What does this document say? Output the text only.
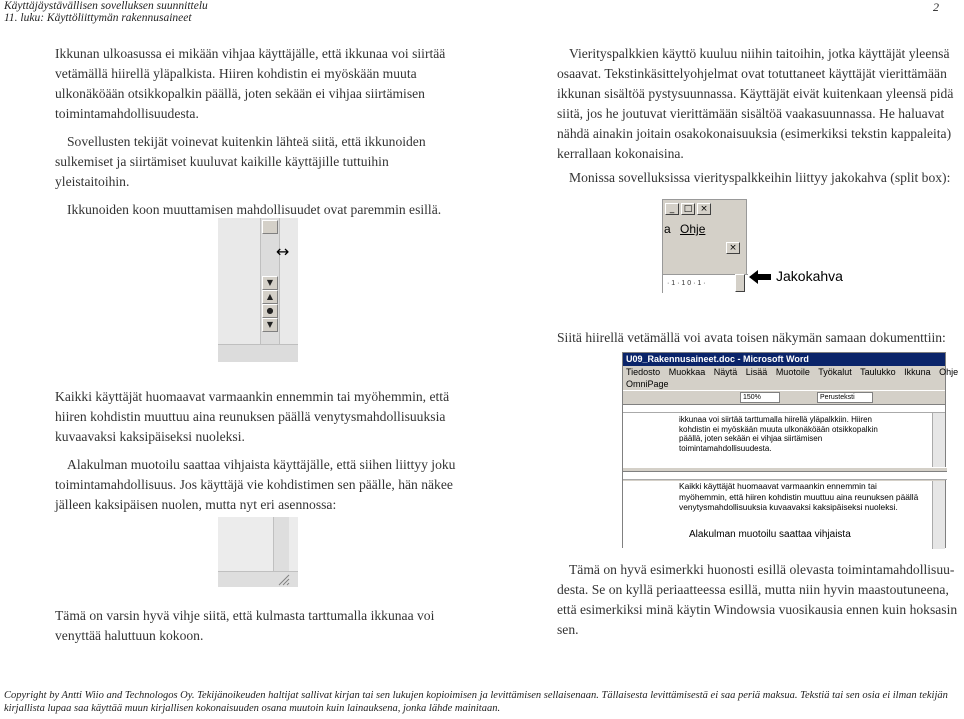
Käyttäjäystävällisen sovelluksen suunnittelu
11. luku: Käyttöliittymän rakennusaineet
2

Ikkunan ulkoasussa ei mikään vihjaa käyttäjälle, että ikkunaa voi siirtää vetämällä hiirellä yläpalkista. Hiiren kohdistin ei myöskään muuta ulkonäköään otsikkopalkin päällä, joten sekään ei vihjaa siirtämisen toimintamahdollisuudesta.

Sovellusten tekijät voinevat kuitenkin lähteä siitä, että ikkunoiden sulkemiset ja siirtämiset kuuluvat kaikille käyttäjille tuttuihin yleistaitoihin.

Ikkunoiden koon muuttamisen mahdollisuudet ovat paremmin esillä.

▼
▲
●
▼
↔

Kaikki käyttäjät huomaavat varmaankin ennemmin tai myöhemmin, että hiiren kohdistin muuttuu aina reunuksen päällä venytysmahdollisuuksia kuvaavaksi kaksipäiseksi nuoleksi.

Alakulman muotoilu saattaa vihjaista käyttäjälle, että siihen liittyy joku toimintamahdollisuus. Jos käyttäjä vie kohdistimen sen päälle, hän näkee jälleen kaksipäisen nuolen, mutta nyt eri asennossa:

Tämä on varsin hyvä vihje siitä, että kulmasta tarttumalla ikkunaa voi venyttää haluttuun kokoon.

Vierityspalkkien käyttö kuuluu niihin taitoihin, jotka käyttäjät yleensä osaavat. Tekstinkäsittelyohjelmat ovat totuttaneet käyttäjät vierittämään ikkunan sisältöä pystysuunnassa. Käyttäjät eivät kuitenkaan yleensä pidä siitä, jos he joutuvat vierittämään sisältöä vaakasuunnassa. He haluavat nähdä ainakin joitain osakokonaisuuksia (esimerkiksi tekstin kappaleita) kerrallaan kokonaisina.

Monissa sovelluksissa vierityspalkkeihin liittyy jakokahva (split box):

_	□ ×
a Ohje
×
· 1 · 1 0 · 1 ·	Jakokahva
Siitä hiirellä vetämällä voi avata toisen näkymän samaan dokumenttiin:
U09_Rakennusaineet.doc - Microsoft Word
Tiedosto Muokkaa Näytä Lisää Muotoile Työkalut Taulukko Ikkuna Ohje
OmniPage
150%	Perusteksti
ikkunaa voi siirtää tarttumalla hiirellä yläpalkkiin. Hiiren kohdistin ei myöskään muuta ulkonäköään otsikkopalkin päällä, joten sekään ei vihjaa siirtämisen toimintamahdollisuudesta.
Kaikki käyttäjät huomaavat varmaankin ennemmin tai myöhemmin, että hiiren kohdistin muuttuu aina reunuksen päällä venytysmahdollisuuksia kuvaavaksi kaksipäiseksi nuoleksi.
Alakulman muotoilu saattaa vihjaista

Tämä on hyvä esimerkki huonosti esillä olevasta toimintamahdollisuu-desta. Se on kyllä periaatteessa esillä, mutta niin hyvin maastoutuneena, että esimerkiksi minä käytin Windowsia vuosikausia ennen kuin hoksasin sen.

Copyright by Antti Wiio and Technologos Oy. Tekijänoikeuden haltijat sallivat kirjan tai sen lukujen kopioimisen ja levittämisen sellaisenaan. Tällaisesta levittämisestä ei saa periä maksua. Tekstiä tai sen osia ei ilman tekijän kirjallista lupaa saa käyttää muun kirjallisen kokonaisuuden osana muutoin kuin lainauksena, jonka lähde mainitaan.
